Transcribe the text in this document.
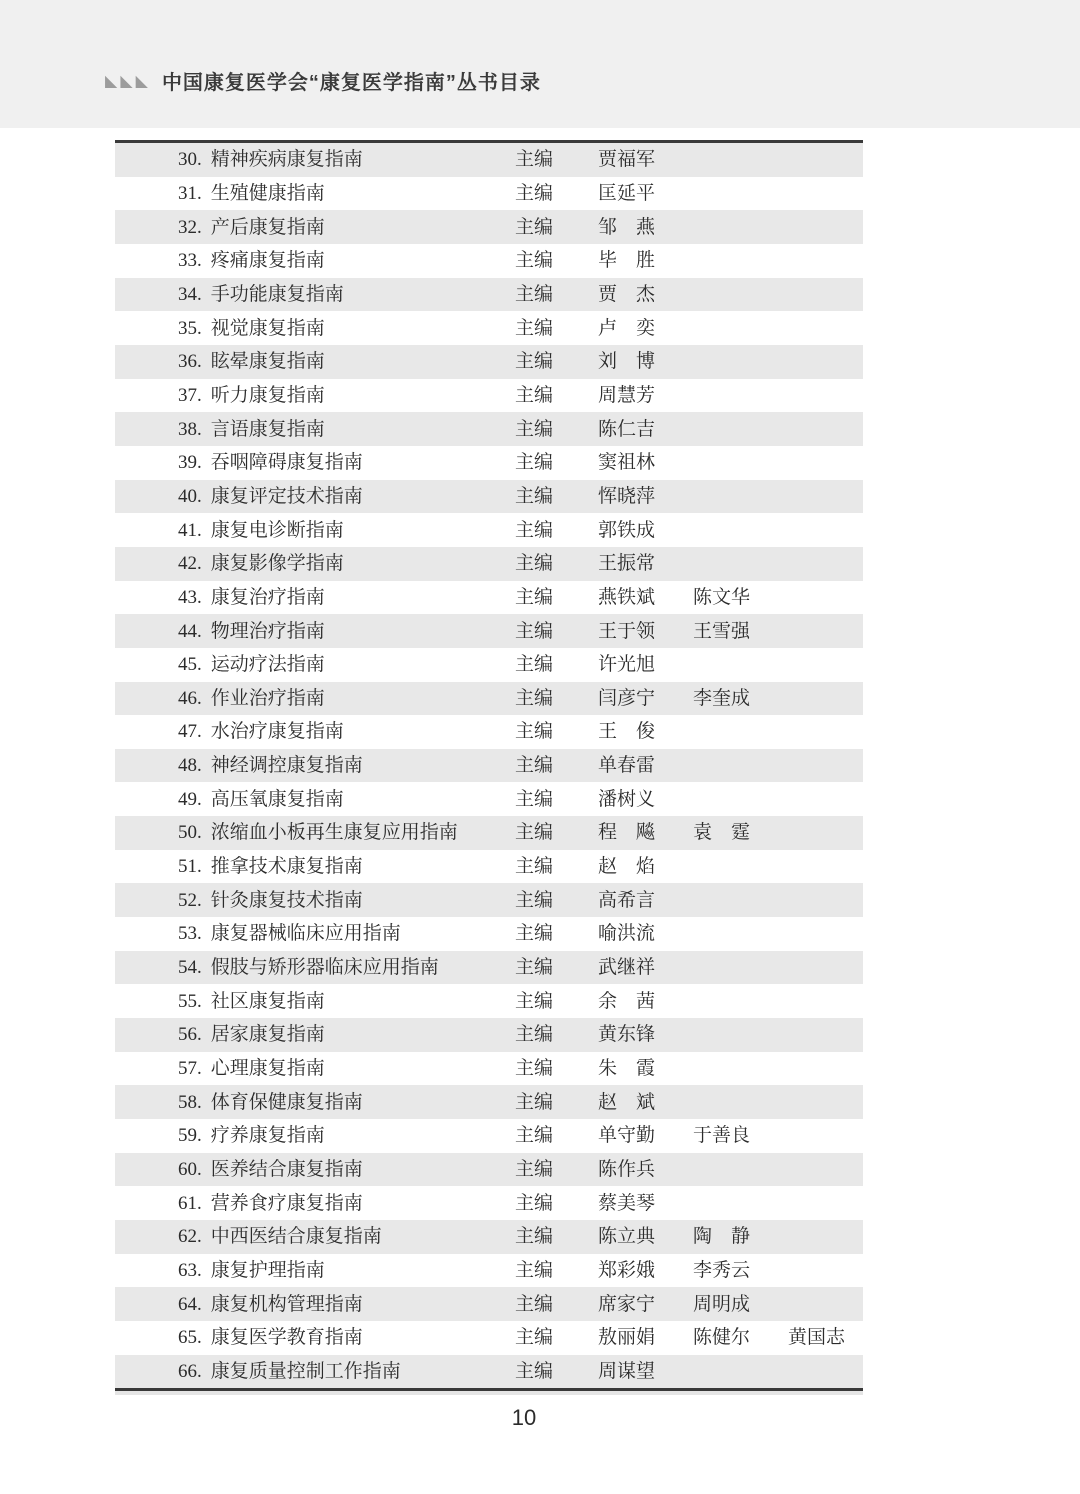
◣ ◣ ◣ 中国康复医学会“康复医学指南”丛书目录
30. 精神疾病康复指南	主编 贾福军
31. 生殖健康指南	主编 匡延平
32. 产后康复指南	主编 邹　燕
33. 疼痛康复指南	主编 毕　胜
34. 手功能康复指南	主编 贾　杰
35. 视觉康复指南	主编 卢　奕
36. 眩晕康复指南	主编 刘　博
37. 听力康复指南	主编 周慧芳
38. 言语康复指南	主编 陈仁吉
39. 吞咽障碍康复指南	主编 窦祖林
40. 康复评定技术指南	主编 恽晓萍
41. 康复电诊断指南	主编 郭铁成
42. 康复影像学指南	主编 王振常
43. 康复治疗指南	主编 燕铁斌 陈文华
44. 物理治疗指南	主编 王于领 王雪强
45. 运动疗法指南	主编 许光旭
46. 作业治疗指南	主编 闫彦宁 李奎成
47. 水治疗康复指南	主编 王　俊
48. 神经调控康复指南	主编 单春雷
49. 高压氧康复指南	主编 潘树义
50. 浓缩血小板再生康复应用指南	主编 程　飚 袁　霆
51. 推拿技术康复指南	主编 赵　焰
52. 针灸康复技术指南	主编 高希言
53. 康复器械临床应用指南	主编 喻洪流
54. 假肢与矫形器临床应用指南	主编 武继祥
55. 社区康复指南	主编 余　茜
56. 居家康复指南	主编 黄东锋
57. 心理康复指南	主编 朱　霞
58. 体育保健康复指南	主编 赵　斌
59. 疗养康复指南	主编 单守勤 于善良
60. 医养结合康复指南	主编 陈作兵
61. 营养食疗康复指南	主编 蔡美琴
62. 中西医结合康复指南	主编 陈立典 陶　静
63. 康复护理指南	主编 郑彩娥 李秀云
64. 康复机构管理指南	主编 席家宁 周明成
65. 康复医学教育指南	主编 敖丽娟 陈健尔 黄国志
66. 康复质量控制工作指南	主编 周谋望
10
